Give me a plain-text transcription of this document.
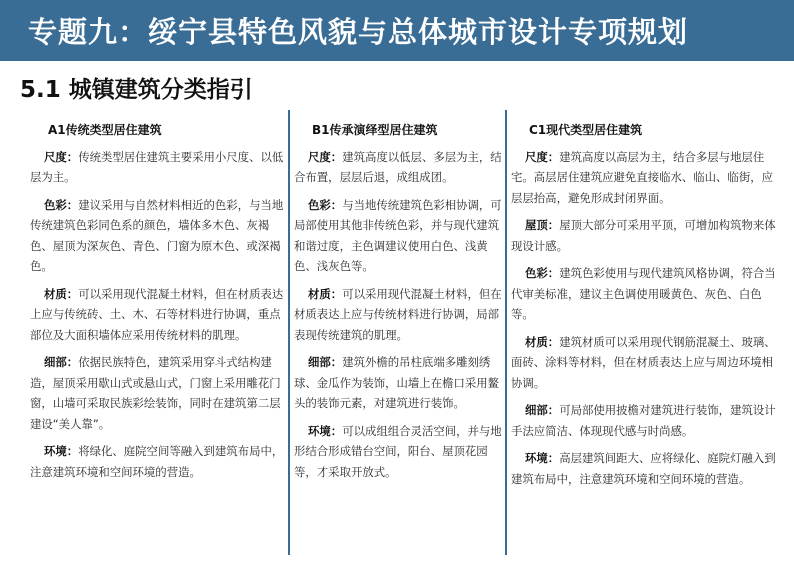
专题九：绥宁县特色风貌与总体城市设计专项规划
5.1 城镇建筑分类指引
A1传统类型居住建筑

尺度：传统类型居住建筑主要采用小尺度、以低层为主。

色彩：建议采用与自然材料相近的色彩，与当地传统建筑色彩同色系的颜色，墙体多木色、灰褐色、屋顶为深灰色、青色、门窗为原木色、或深褐色。

材质：可以采用现代混凝土材料，但在材质表达上应与传统砖、土、木、石等材料进行协调，重点部位及大面积墙体应采用传统材料的肌理。

细部：依据民族特色，建筑采用穿斗式结构建造，屋顶采用歇山式或悬山式，门窗上采用雕花门窗，山墙可采取民族彩绘装饰，同时在建筑第二层建设“美人靠”。

环境：将绿化、庭院空间等融入到建筑布局中，注意建筑环境和空间环境的营造。

B1传承演绎型居住建筑

尺度：建筑高度以低层、多层为主，结合布置，层层后退，成组成团。

色彩：与当地传统建筑色彩相协调，可局部使用其他非传统色彩，并与现代建筑和谐过度，主色调建议使用白色、浅黄色、浅灰色等。

材质：可以采用现代混凝土材料，但在材质表达上应与传统材料进行协调，局部表现传统建筑的肌理。

细部：建筑外檐的吊柱底端多雕刻绣球、金瓜作为装饰，山墙上在檐口采用鳌头的装饰元素，对建筑进行装饰。

环境：可以成组组合灵活空间，并与地形结合形成错台空间，阳台、屋顶花园等，才采取开放式。

C1现代类型居住建筑

尺度：建筑高度以高层为主，结合多层与地层住宅。高层居住建筑应避免直接临水、临山、临街，应层层抬高，避免形成封闭界面。

屋顶：屋顶大部分可采用平顶，可增加构筑物来体现设计感。

色彩：建筑色彩使用与现代建筑风格协调，符合当代审美标准，建议主色调使用暖黄色、灰色、白色等。

材质：建筑材质可以采用现代钢筋混凝土、玻璃、面砖、涂料等材料，但在材质表达上应与周边环境相协调。

细部：可局部使用披檐对建筑进行装饰，建筑设计手法应简洁、体现现代感与时尚感。

环境：高层建筑间距大、应将绿化、庭院灯融入到建筑布局中，注意建筑环境和空间环境的营造。
